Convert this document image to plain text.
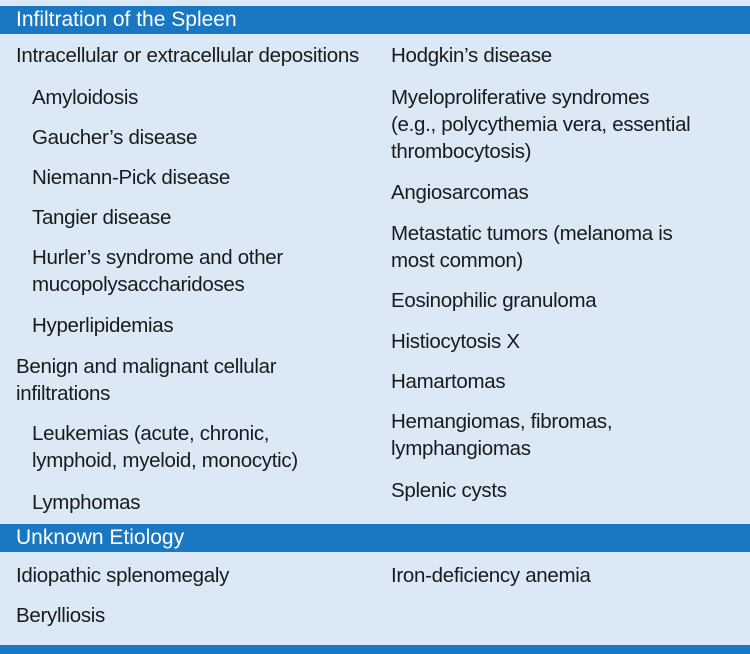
Infiltration of the Spleen
Intracellular or extracellular depositions
Amyloidosis
Gaucher’s disease
Niemann-Pick disease
Tangier disease
Hurler’s syndrome and other
mucopolysaccharidoses
Hyperlipidemias
Benign and malignant cellular
infiltrations
Leukemias (acute, chronic,
lymphoid, myeloid, monocytic)
Lymphomas
Hodgkin’s disease
Myeloproliferative syndromes
(e.g., polycythemia vera, essential
thrombocytosis)
Angiosarcomas
Metastatic tumors (melanoma is
most common)
Eosinophilic granuloma
Histiocytosis X
Hamartomas
Hemangiomas, fibromas,
lymphangiomas
Splenic cysts
Unknown Etiology
Idiopathic splenomegaly
Berylliosis
Iron-deficiency anemia
